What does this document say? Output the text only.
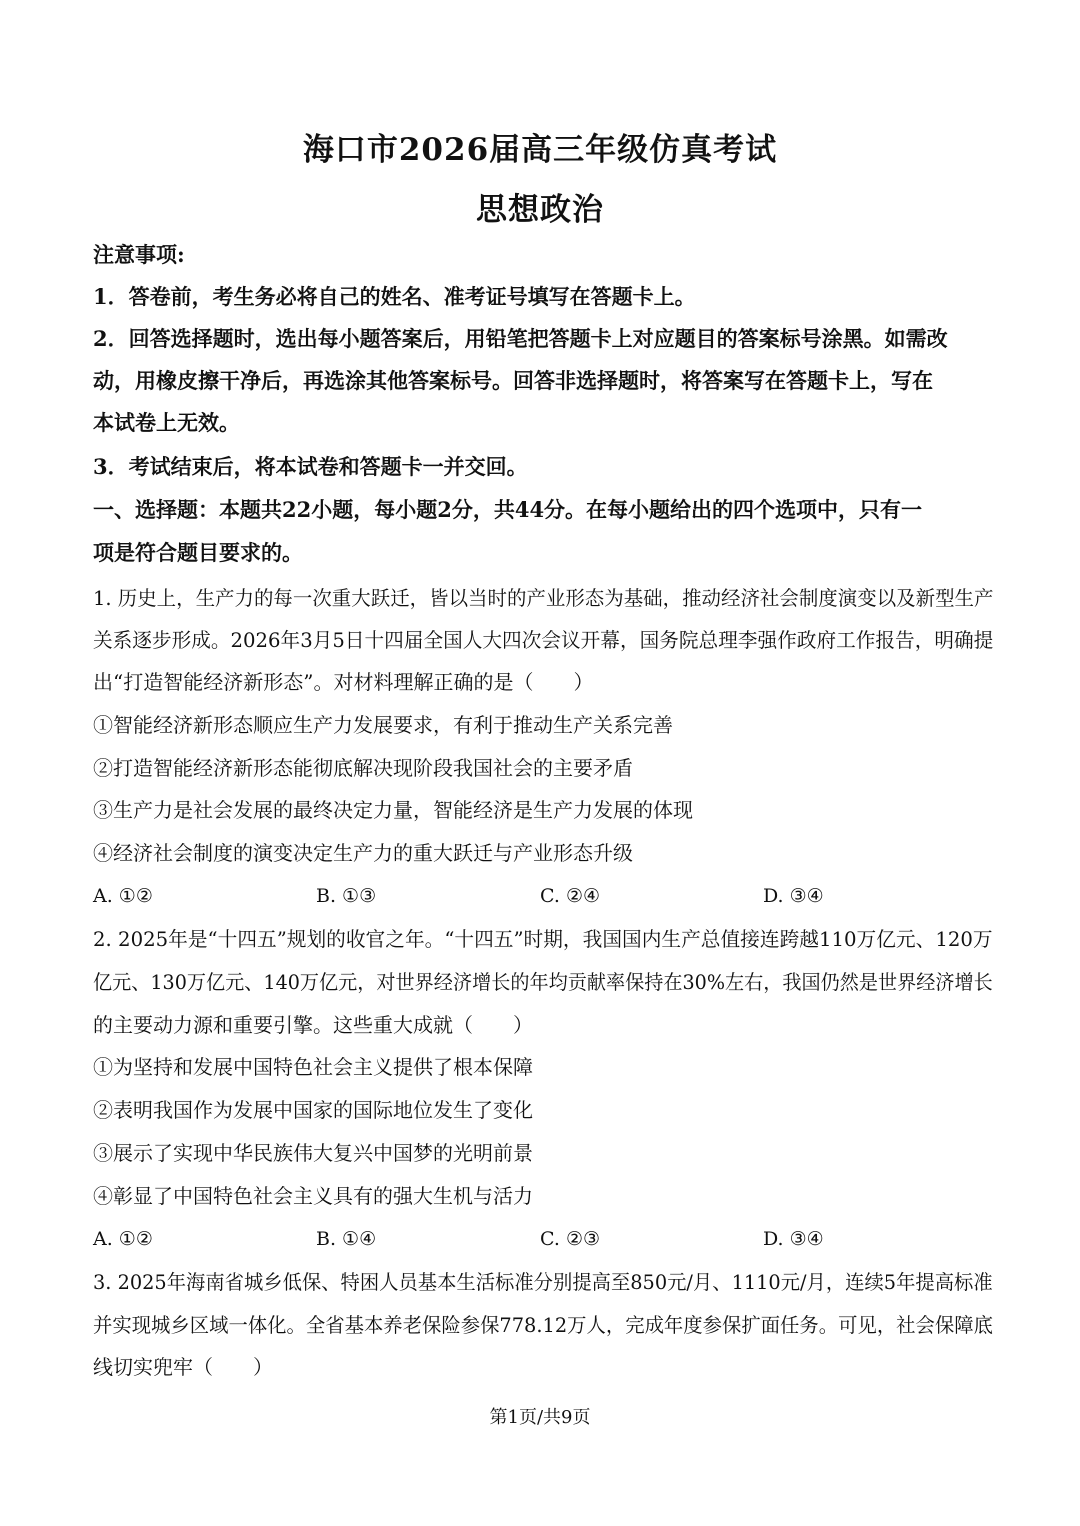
海口市2026届高三年级仿真考试
思想政治
注意事项:
1．答卷前，考生务必将自己的姓名、准考证号填写在答题卡上。
2．回答选择题时，选出每小题答案后，用铅笔把答题卡上对应题目的答案标号涂黑。如需改
动，用橡皮擦干净后，再选涂其他答案标号。回答非选择题时，将答案写在答题卡上，写在
本试卷上无效。
3．考试结束后，将本试卷和答题卡一并交回。
一、选择题：本题共22小题，每小题2分，共44分。在每小题给出的四个选项中，只有一
项是符合题目要求的。
1. 历史上，生产力的每一次重大跃迁，皆以当时的产业形态为基础，推动经济社会制度演变以及新型生产
关系逐步形成。2026年3月5日十四届全国人大四次会议开幕，国务院总理李强作政府工作报告，明确提
出“打造智能经济新形态”。对材料理解正确的是（　　）
①智能经济新形态顺应生产力发展要求，有利于推动生产关系完善
②打造智能经济新形态能彻底解决现阶段我国社会的主要矛盾
③生产力是社会发展的最终决定力量，智能经济是生产力发展的体现
④经济社会制度的演变决定生产力的重大跃迁与产业形态升级
A. ①②	B. ①③	C. ②④	D. ③④
2. 2025年是“十四五”规划的收官之年。“十四五”时期，我国国内生产总值接连跨越110万亿元、120万
亿元、130万亿元、140万亿元，对世界经济增长的年均贡献率保持在30%左右，我国仍然是世界经济增长
的主要动力源和重要引擎。这些重大成就（　　）
①为坚持和发展中国特色社会主义提供了根本保障
②表明我国作为发展中国家的国际地位发生了变化
③展示了实现中华民族伟大复兴中国梦的光明前景
④彰显了中国特色社会主义具有的强大生机与活力
A. ①②	B. ①④	C. ②③	D. ③④
3. 2025年海南省城乡低保、特困人员基本生活标准分别提高至850元/月、1110元/月，连续5年提高标准
并实现城乡区域一体化。全省基本养老保险参保778.12万人，完成年度参保扩面任务。可见，社会保障底
线切实兜牢（　　）
第1页/共9页
